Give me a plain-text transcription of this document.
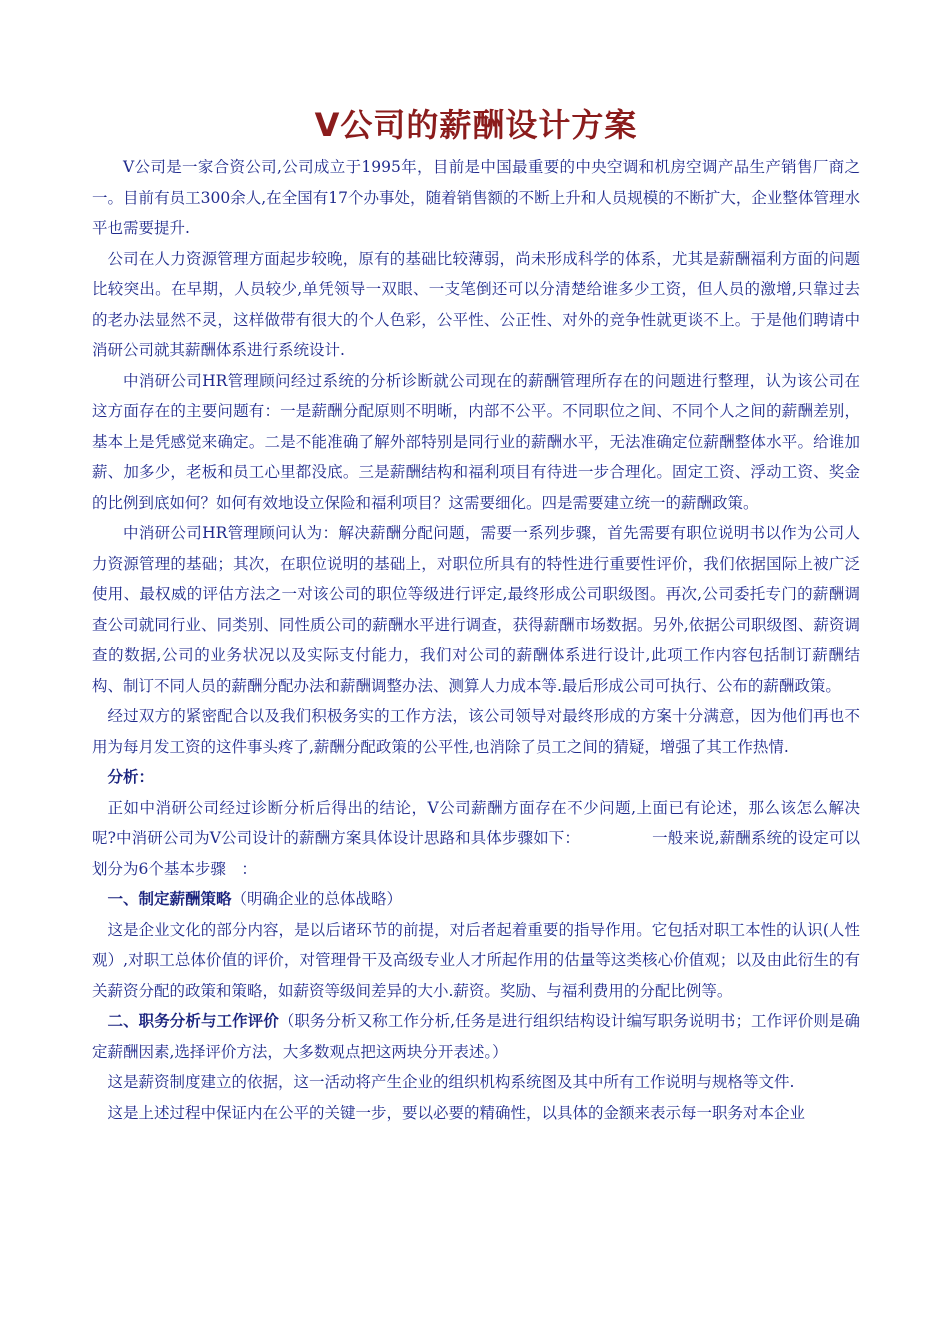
V公司的薪酬设计方案

V公司是一家合资公司,公司成立于1995年，目前是中国最重要的中央空调和机房空调产品生产销售厂商之一。目前有员工300余人,在全国有17个办事处，随着销售额的不断上升和人员规模的不断扩大，企业整体管理水平也需要提升.

公司在人力资源管理方面起步较晚，原有的基础比较薄弱，尚未形成科学的体系，尤其是薪酬福利方面的问题比较突出。在早期，人员较少,单凭领导一双眼、一支笔倒还可以分清楚给谁多少工资，但人员的激增,只靠过去的老办法显然不灵，这样做带有很大的个人色彩，公平性、公正性、对外的竞争性就更谈不上。于是他们聘请中消研公司就其薪酬体系进行系统设计.

中消研公司HR管理顾问经过系统的分析诊断就公司现在的薪酬管理所存在的问题进行整理，认为该公司在这方面存在的主要问题有：一是薪酬分配原则不明晰，内部不公平。不同职位之间、不同个人之间的薪酬差别，基本上是凭感觉来确定。二是不能准确了解外部特别是同行业的薪酬水平，无法准确定位薪酬整体水平。给谁加薪、加多少，老板和员工心里都没底。三是薪酬结构和福利项目有待进一步合理化。固定工资、浮动工资、奖金的比例到底如何？如何有效地设立保险和福利项目？这需要细化。四是需要建立统一的薪酬政策。

中消研公司HR管理顾问认为：解决薪酬分配问题，需要一系列步骤，首先需要有职位说明书以作为公司人力资源管理的基础；其次，在职位说明的基础上，对职位所具有的特性进行重要性评价，我们依据国际上被广泛使用、最权威的评估方法之一对该公司的职位等级进行评定,最终形成公司职级图。再次,公司委托专门的薪酬调查公司就同行业、同类别、同性质公司的薪酬水平进行调查，获得薪酬市场数据。另外,依据公司职级图、薪资调查的数据,公司的业务状况以及实际支付能力，我们对公司的薪酬体系进行设计,此项工作内容包括制订薪酬结构、制订不同人员的薪酬分配办法和薪酬调整办法、测算人力成本等.最后形成公司可执行、公布的薪酬政策。

经过双方的紧密配合以及我们积极务实的工作方法，该公司领导对最终形成的方案十分满意，因为他们再也不用为每月发工资的这件事头疼了,薪酬分配政策的公平性,也消除了员工之间的猜疑，增强了其工作热情.

分析：

正如中消研公司经过诊断分析后得出的结论，V公司薪酬方面存在不少问题,上面已有论述，那么该怎么解决呢?中消研公司为V公司设计的薪酬方案具体设计思路和具体步骤如下：	一般来说,薪酬系统的设定可以划分为6个基本步骤　：

一、制定薪酬策略（明确企业的总体战略）

这是企业文化的部分内容，是以后诸环节的前提，对后者起着重要的指导作用。它包括对职工本性的认识(人性观）,对职工总体价值的评价，对管理骨干及高级专业人才所起作用的估量等这类核心价值观；以及由此衍生的有关薪资分配的政策和策略，如薪资等级间差异的大小.薪资。奖励、与福利费用的分配比例等。

二、职务分析与工作评价（职务分析又称工作分析,任务是进行组织结构设计编写职务说明书；工作评价则是确定薪酬因素,选择评价方法，大多数观点把这两块分开表述。）

这是薪资制度建立的依据，这一活动将产生企业的组织机构系统图及其中所有工作说明与规格等文件.

这是上述过程中保证内在公平的关键一步，要以必要的精确性，以具体的金额来表示每一职务对本企业
